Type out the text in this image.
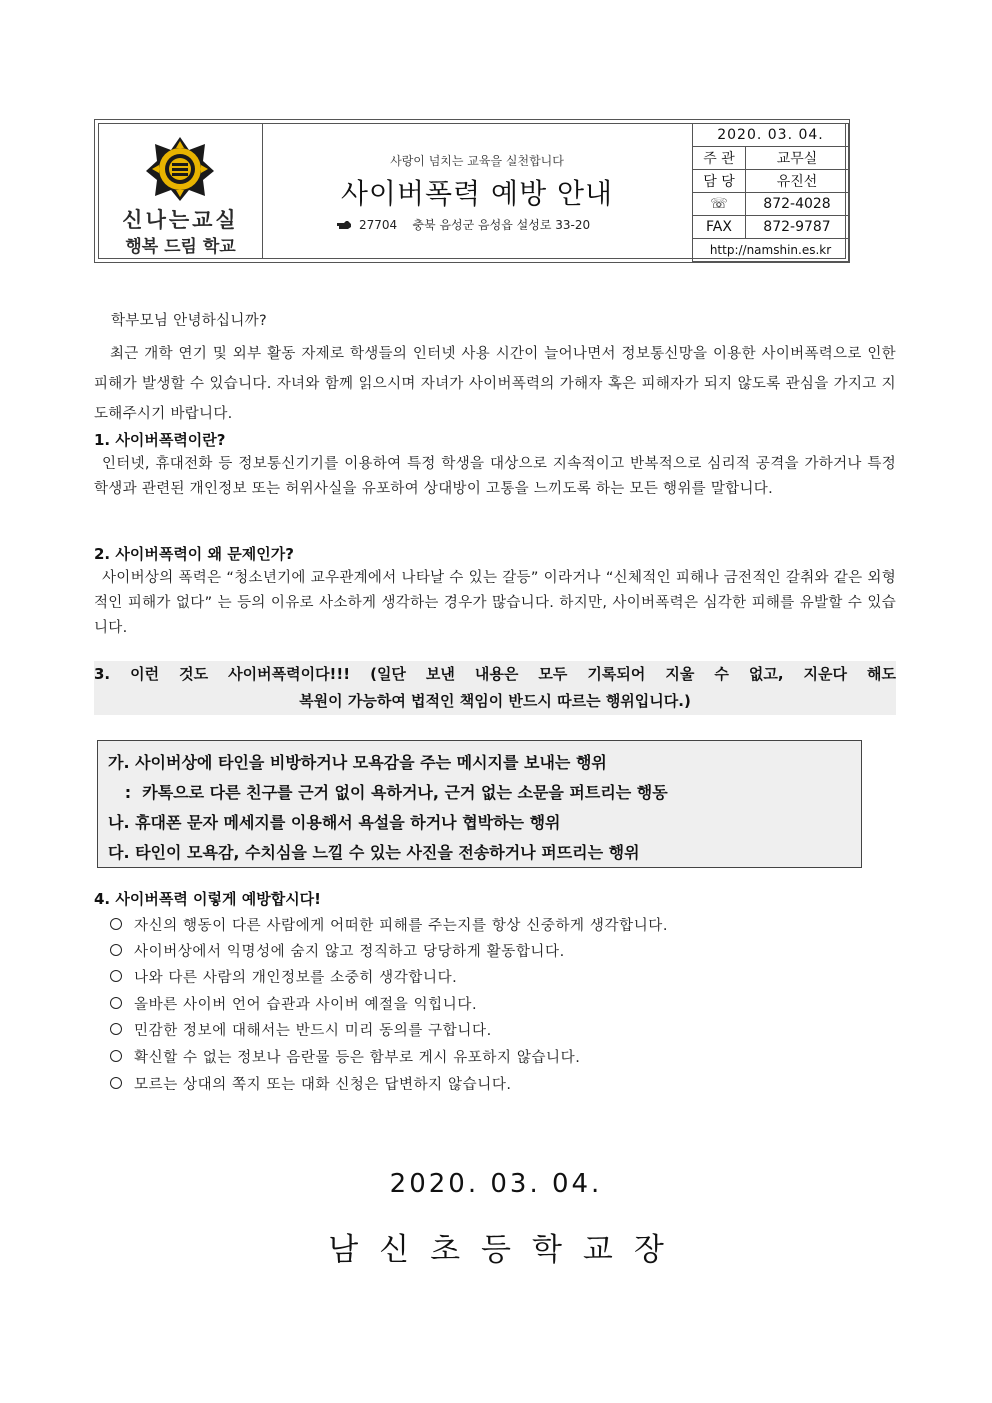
신나는교실
행복 드림 학교
사랑이 넘치는 교육을 실천합니다
사이버폭력 예방 안내
27704 충북 음성군 음성읍 설성로 33-20
2020. 03. 04.	
주 관	교무실
담 당	유진선
☏	872-4028
FAX	872-9787
http://namshin.es.kr	
학부모님 안녕하십니까?
최근 개학 연기 및 외부 활동 자제로 학생들의 인터넷 사용 시간이 늘어나면서 정보통신망을 이용한 사이버폭력으로 인한 피해가 발생할 수 있습니다. 자녀와 함께 읽으시며 자녀가 사이버폭력의 가해자 혹은 피해자가 되지 않도록 관심을 가지고 지도해주시기 바랍니다.
1. 사이버폭력이란?
인터넷, 휴대전화 등 정보통신기기를 이용하여 특정 학생을 대상으로 지속적이고 반복적으로 심리적 공격을 가하거나 특정 학생과 관련된 개인정보 또는 허위사실을 유포하여 상대방이 고통을 느끼도록 하는 모든 행위를 말합니다.
2. 사이버폭력이 왜 문제인가?
사이버상의 폭력은 “청소년기에 교우관계에서 나타날 수 있는 갈등” 이라거나 “신체적인 피해나 금전적인 갈취와 같은 외형적인 피해가 없다” 는 등의 이유로 사소하게 생각하는 경우가 많습니다. 하지만, 사이버폭력은 심각한 피해를 유발할 수 있습니다.
3. 이런 것도 사이버폭력이다!!! (일단 보낸 내용은 모두 기록되어 지울 수 없고, 지운다 해도
복원이 가능하여 법적인 책임이 반드시 따르는 행위입니다.)
가. 사이버상에 타인을 비방하거나 모욕감을 주는 메시지를 보내는 행위
:  카톡으로 다른 친구를 근거 없이 욕하거나, 근거 없는 소문을 퍼트리는 행동
나. 휴대폰 문자 메세지를 이용해서 욕설을 하거나 협박하는 행위
다. 타인이 모욕감, 수치심을 느낄 수 있는 사진을 전송하거나 퍼뜨리는 행위
4. 사이버폭력 이렇게 예방합시다!
자신의 행동이 다른 사람에게 어떠한 피해를 주는지를 항상 신중하게 생각합니다.
사이버상에서 익명성에 숨지 않고 정직하고 당당하게 활동합니다.
나와 다른 사람의 개인정보를 소중히 생각합니다.
올바른 사이버 언어 습관과 사이버 예절을 익힙니다.
민감한 정보에 대해서는 반드시 미리 동의를 구합니다.
확신할 수 없는 정보나 음란물 등은 함부로 게시 유포하지 않습니다.
모르는 상대의 쪽지 또는 대화 신청은 답변하지 않습니다.
2020. 03. 04.
남신초등학교장
